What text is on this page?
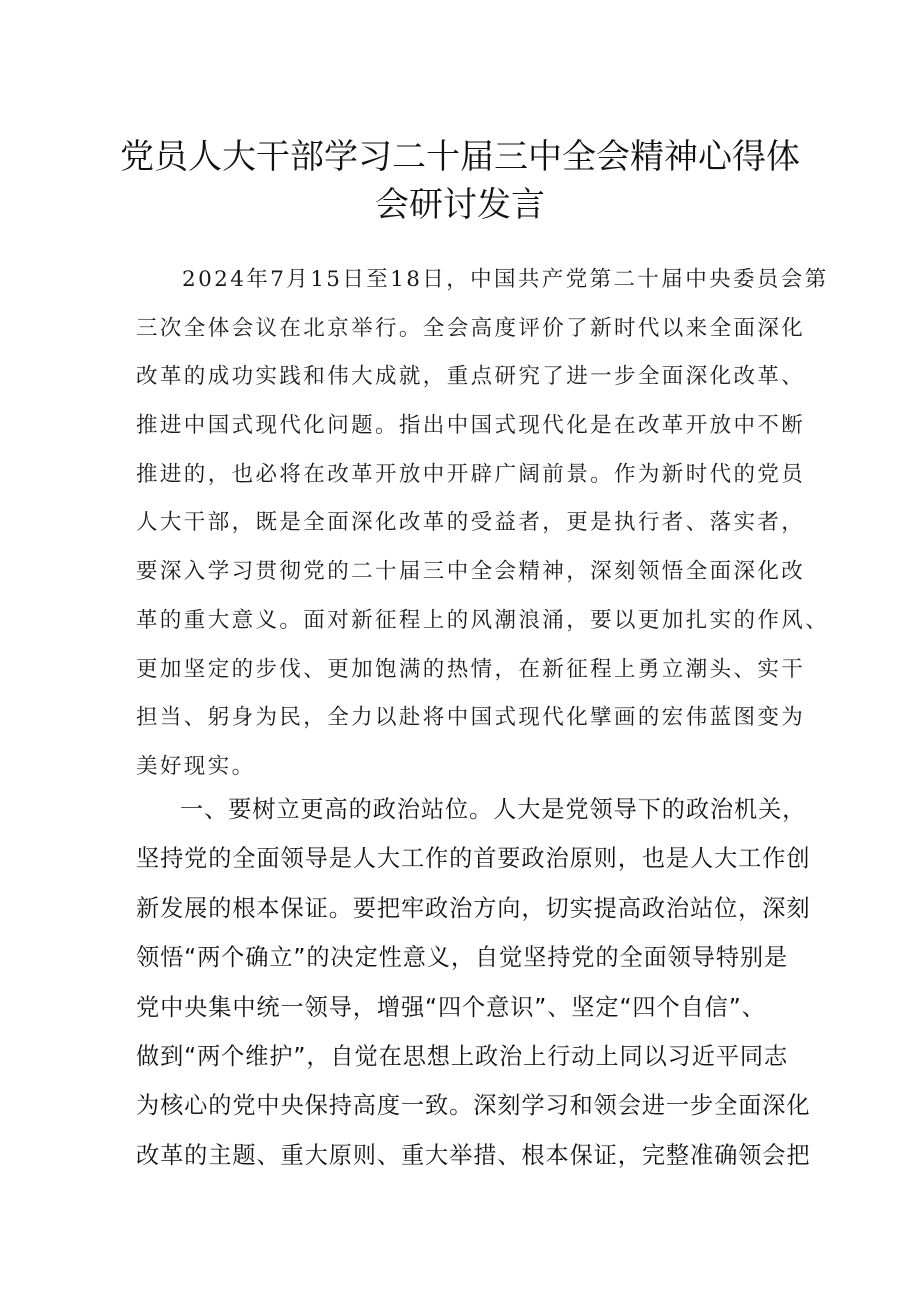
党员人大干部学习二十届三中全会精神心得体
会研讨发言
2024年7月15日至18日，中国共产党第二十届中央委员会第
三次全体会议在北京举行。全会高度评价了新时代以来全面深化
改革的成功实践和伟大成就，重点研究了进一步全面深化改革、
推进中国式现代化问题。指出中国式现代化是在改革开放中不断
推进的，也必将在改革开放中开辟广阔前景。作为新时代的党员
人大干部，既是全面深化改革的受益者，更是执行者、落实者，
要深入学习贯彻党的二十届三中全会精神，深刻领悟全面深化改
革的重大意义。面对新征程上的风潮浪涌，要以更加扎实的作风、
更加坚定的步伐、更加饱满的热情，在新征程上勇立潮头、实干
担当、躬身为民，全力以赴将中国式现代化擘画的宏伟蓝图变为
美好现实。
一、要树立更高的政治站位。人大是党领导下的政治机关，
坚持党的全面领导是人大工作的首要政治原则，也是人大工作创
新发展的根本保证。要把牢政治方向，切实提高政治站位，深刻
领悟“两个确立”的决定性意义，自觉坚持党的全面领导特别是
党中央集中统一领导，增强“四个意识”、坚定“四个自信”、
做到“两个维护”，自觉在思想上政治上行动上同以习近平同志
为核心的党中央保持高度一致。深刻学习和领会进一步全面深化
改革的主题、重大原则、重大举措、根本保证，完整准确领会把
